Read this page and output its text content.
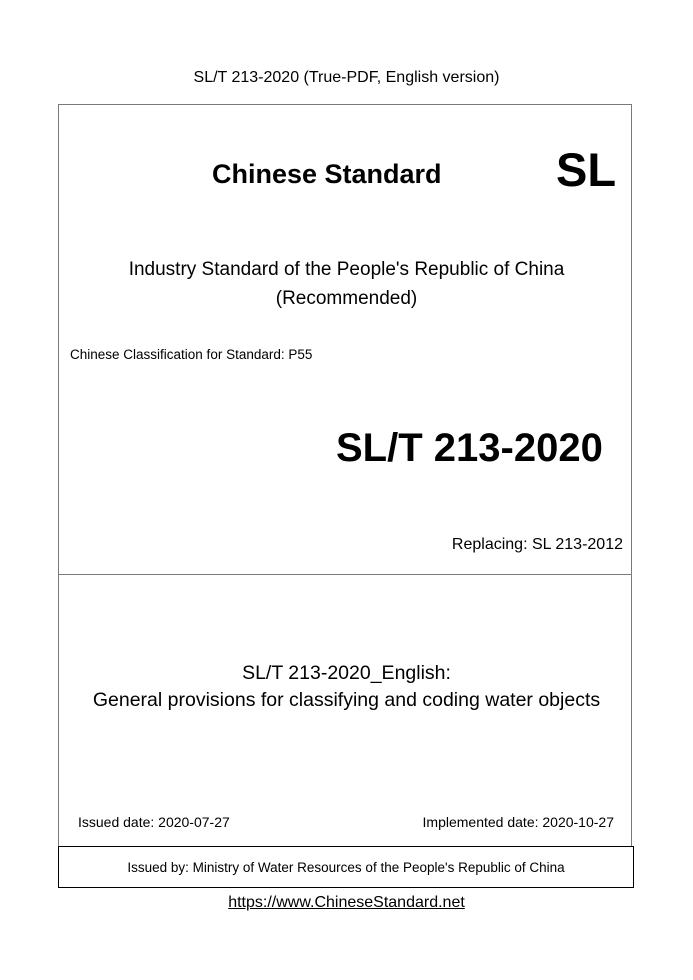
SL/T 213-2020 (True-PDF, English version)
Chinese Standard SL
Industry Standard of the People's Republic of China
(Recommended)
Chinese Classification for Standard: P55
SL/T 213-2020
Replacing: SL 213-2012
SL/T 213-2020_English:
General provisions for classifying and coding water objects
Issued date: 2020-07-27	Implemented date: 2020-10-27
Issued by: Ministry of Water Resources of the People's Republic of China
https://www.ChineseStandard.net
